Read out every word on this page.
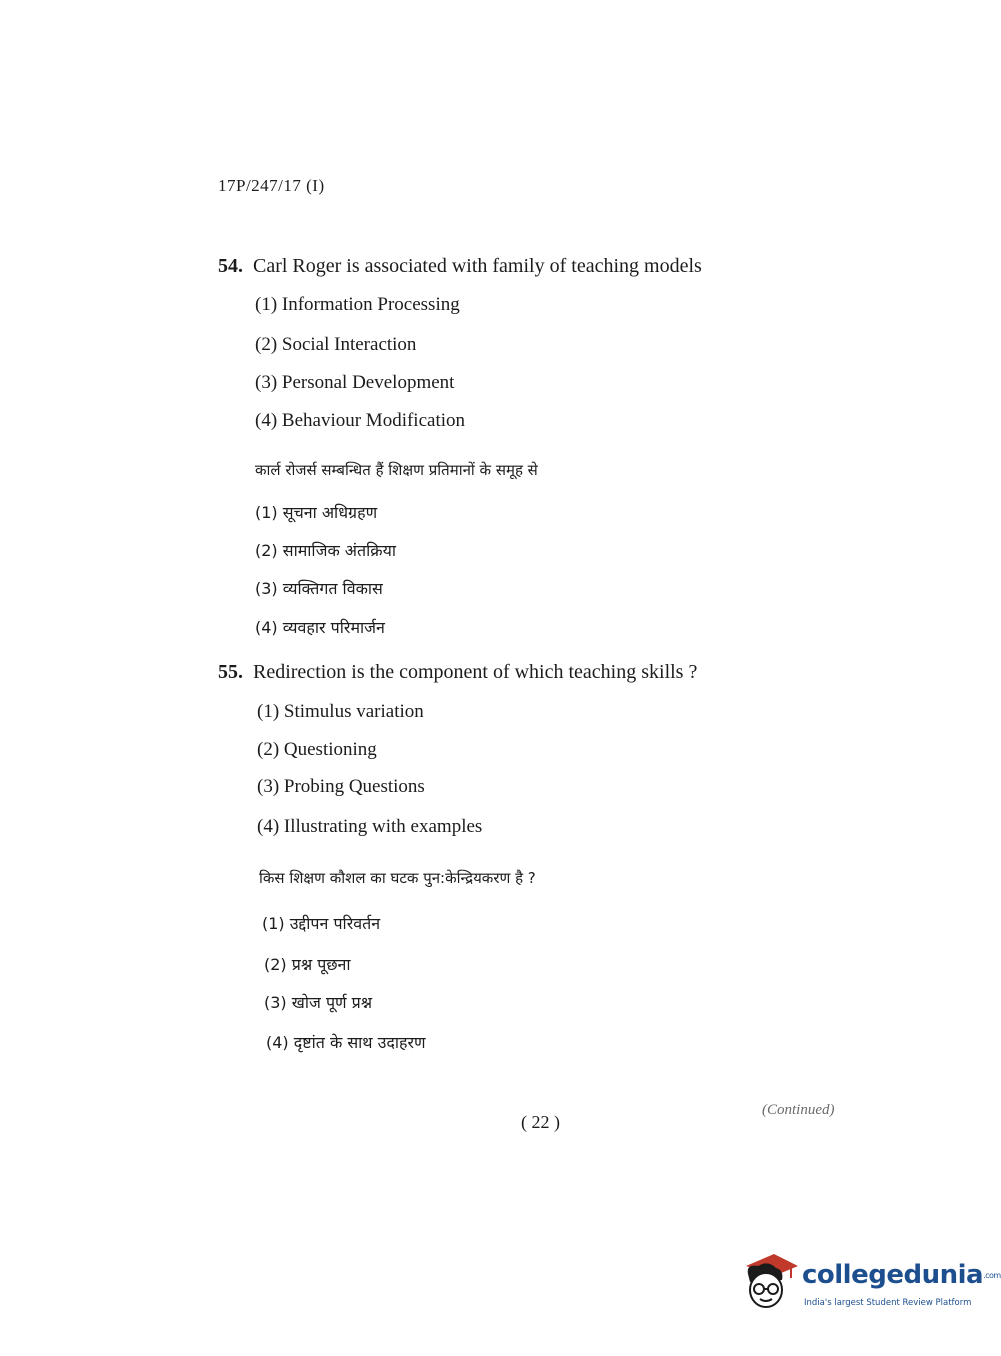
17P/247/17 (I)
54. Carl Roger is associated with family of teaching models
(1) Information Processing
(2) Social Interaction
(3) Personal Development
(4) Behaviour Modification
कार्ल रोजर्स सम्बन्धित हैं शिक्षण प्रतिमानों के समूह से
(1) सूचना अधिग्रहण
(2) सामाजिक अंतक्रिया
(3) व्यक्तिगत विकास
(4) व्यवहार परिमार्जन
55. Redirection is the component of which teaching skills ?
(1) Stimulus variation
(2) Questioning
(3) Probing Questions
(4) Illustrating with examples
किस शिक्षण कौशल का घटक पुन:केन्द्रियकरण है ?
(1) उद्दीपन परिवर्तन
(2) प्रश्न पूछना
(3) खोज पूर्ण प्रश्न
(4) दृष्टांत के साथ उदाहरण
( 22 )
(Continued)
collegedunia.com
India's largest Student Review Platform
